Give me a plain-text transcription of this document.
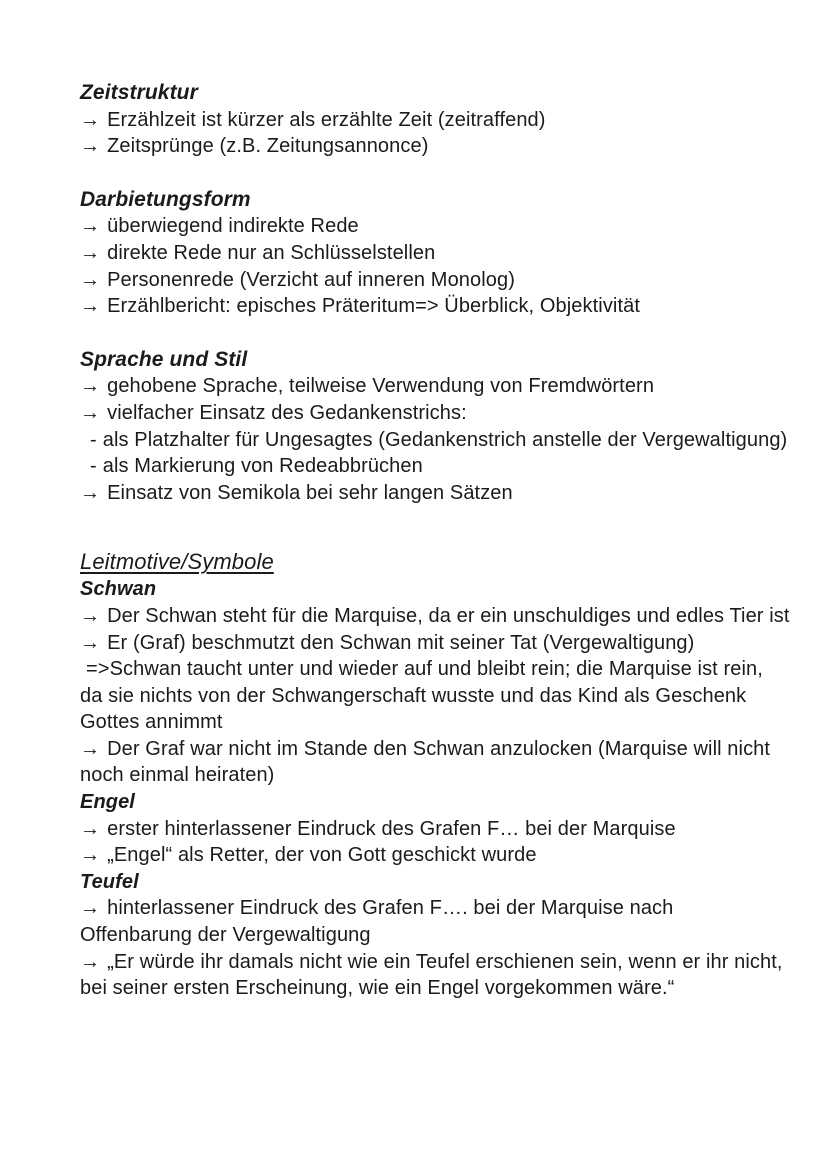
Zeitstruktur

→ Erzählzeit ist kürzer als erzählte Zeit (zeitraffend)

→ Zeitsprünge (z.B. Zeitungsannonce)

Darbietungsform

→ überwiegend indirekte Rede

→ direkte Rede nur an Schlüsselstellen

→ Personenrede (Verzicht auf inneren Monolog)

→ Erzählbericht: episches Präteritum=> Überblick, Objektivität

Sprache und Stil

→ gehobene Sprache, teilweise Verwendung von Fremdwörtern

→ vielfacher Einsatz des Gedankenstrichs:

- als Platzhalter für Ungesagtes (Gedankenstrich anstelle der Vergewaltigung)

- als Markierung von Redeabbrüchen

→ Einsatz von Semikola bei sehr langen Sätzen

Leitmotive/Symbole
Schwan

→ Der Schwan steht für die Marquise, da er ein unschuldiges und edles Tier ist

→ Er (Graf) beschmutzt den Schwan mit seiner Tat (Vergewaltigung)

=>Schwan taucht unter und wieder auf und bleibt rein; die Marquise ist rein, da sie nichts von der Schwangerschaft wusste und das Kind als Geschenk Gottes annimmt

→ Der Graf war nicht im Stande den Schwan anzulocken (Marquise will nicht noch einmal heiraten)

Engel

→ erster hinterlassener Eindruck des Grafen F… bei der Marquise

→ „Engel“ als Retter, der von Gott geschickt wurde

Teufel

→ hinterlassener Eindruck des Grafen F…. bei der Marquise nach Offenbarung der Vergewaltigung

→ „Er würde ihr damals nicht wie ein Teufel erschienen sein, wenn er ihr nicht, bei seiner ersten Erscheinung, wie ein Engel vorgekommen wäre.“
